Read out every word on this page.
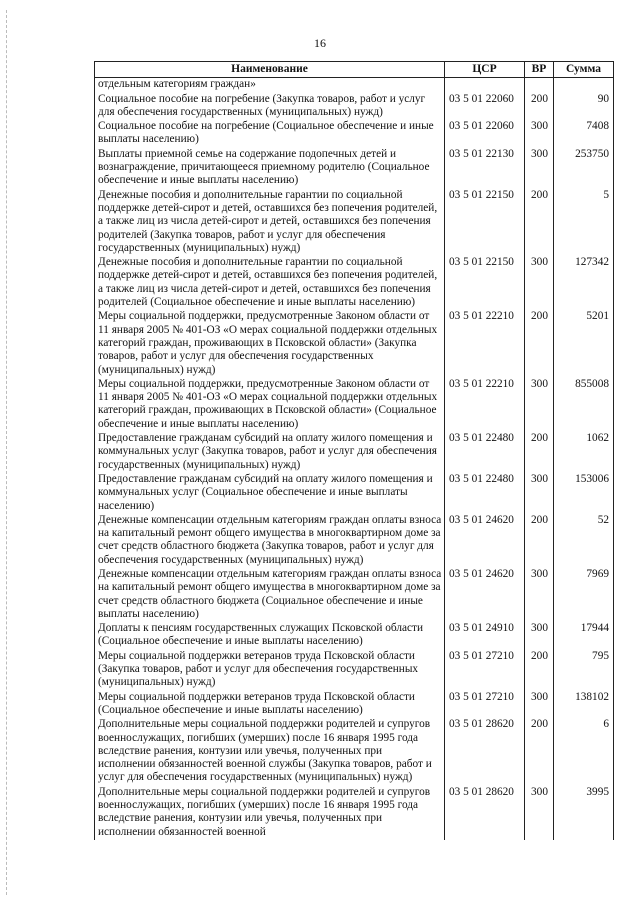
16
Наименование	ЦСР	ВР	Сумма
отдельным категориям граждан»			
Социальное пособие на погребение (Закупка товаров, работ и услуг для обеспечения государственных (муниципальных) нужд)	03 5 01 22060	200	90
Социальное пособие на погребение (Социальное обеспечение и иные выплаты населению)	03 5 01 22060	300	7408
Выплаты приемной семье на содержание подопечных детей и вознаграждение, причитающееся приемному родителю (Социальное обеспечение и иные выплаты населению)	03 5 01 22130	300	253750
Денежные пособия и дополнительные гарантии по социальной поддержке детей-сирот и детей, оставшихся без попечения родителей, а также лиц из числа детей-сирот и детей, оставшихся без попечения родителей (Закупка товаров, работ и услуг для обеспечения государственных (муниципальных) нужд)	03 5 01 22150	200	5
Денежные пособия и дополнительные гарантии по социальной поддержке детей-сирот и детей, оставшихся без попечения родителей, а также лиц из числа детей-сирот и детей, оставшихся без попечения родителей (Социальное обеспечение и иные выплаты населению)	03 5 01 22150	300	127342
Меры социальной поддержки, предусмотренные Законом области от 11 января 2005 № 401-ОЗ «О мерах социальной поддержки отдельных категорий граждан, проживающих в Псковской области» (Закупка товаров, работ и услуг для обеспечения государственных (муниципальных) нужд)	03 5 01 22210	200	5201
Меры социальной поддержки, предусмотренные Законом области от 11 января 2005 № 401-ОЗ «О мерах социальной поддержки отдельных категорий граждан, проживающих в Псковской области» (Социальное обеспечение и иные выплаты населению)	03 5 01 22210	300	855008
Предоставление гражданам субсидий на оплату жилого помещения и коммунальных услуг (Закупка товаров, работ и услуг для обеспечения государственных (муниципальных) нужд)	03 5 01 22480	200	1062
Предоставление гражданам субсидий на оплату жилого помещения и коммунальных услуг (Социальное обеспечение и иные выплаты населению)	03 5 01 22480	300	153006
Денежные компенсации отдельным категориям граждан оплаты взноса на капитальный ремонт общего имущества в многоквартирном доме за счет средств областного бюджета (Закупка товаров, работ и услуг для обеспечения государственных (муниципальных) нужд)	03 5 01 24620	200	52
Денежные компенсации отдельным категориям граждан оплаты взноса на капитальный ремонт общего имущества в многоквартирном доме за счет средств областного бюджета (Социальное обеспечение и иные выплаты населению)	03 5 01 24620	300	7969
Доплаты к пенсиям государственных служащих Псковской области (Социальное обеспечение и иные выплаты населению)	03 5 01 24910	300	17944
Меры социальной поддержки ветеранов труда Псковской области (Закупка товаров, работ и услуг для обеспечения государственных (муниципальных) нужд)	03 5 01 27210	200	795
Меры социальной поддержки ветеранов труда Псковской области (Социальное обеспечение и иные выплаты населению)	03 5 01 27210	300	138102
Дополнительные меры социальной поддержки родителей и супругов военнослужащих, погибших (умерших) после 16 января 1995 года вследствие ранения, контузии или увечья, полученных при исполнении обязанностей военной службы (Закупка товаров, работ и услуг для обеспечения государственных (муниципальных) нужд)	03 5 01 28620	200	6
Дополнительные меры социальной поддержки родителей и супругов военнослужащих, погибших (умерших) после 16 января 1995 года вследствие ранения, контузии или увечья, полученных при исполнении обязанностей военной	03 5 01 28620	300	3995
